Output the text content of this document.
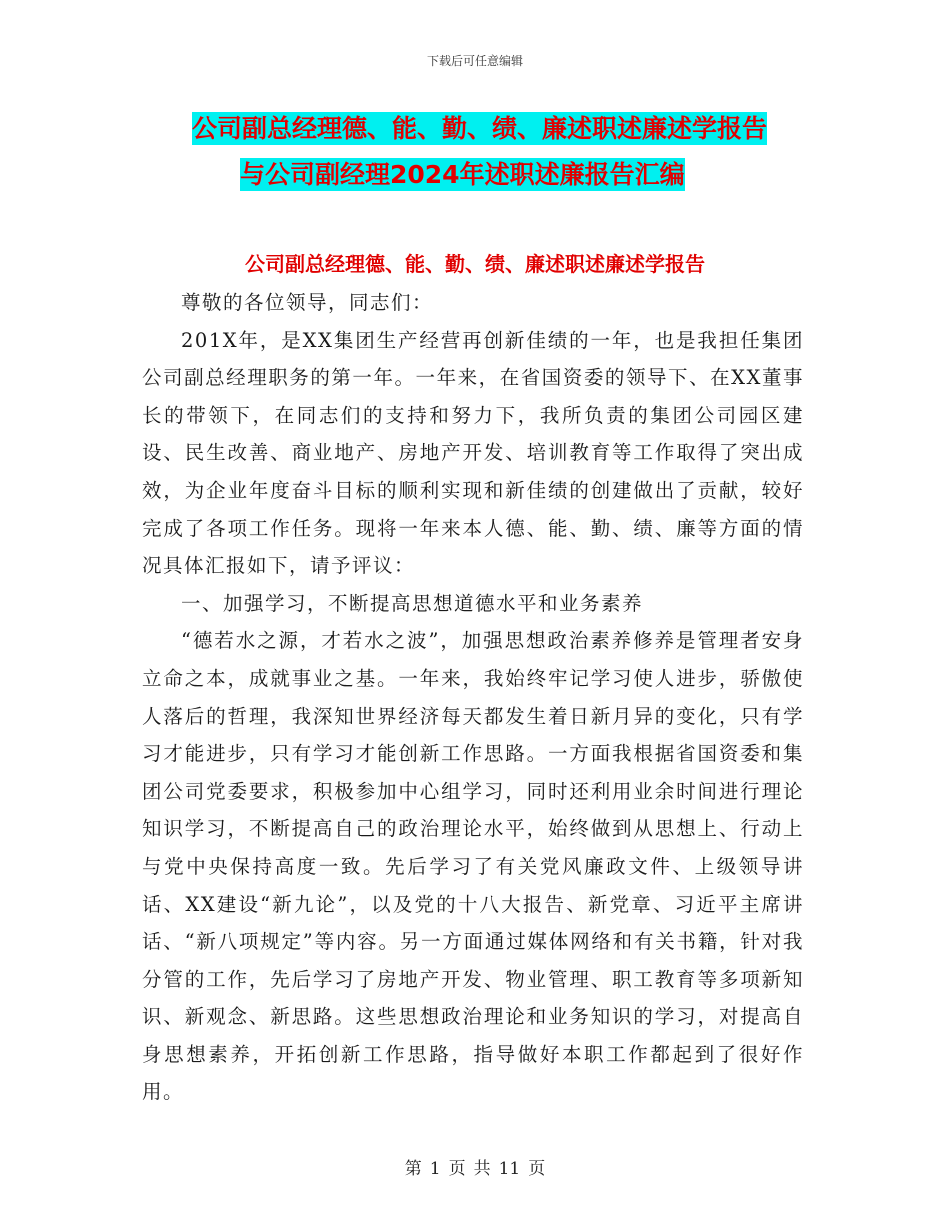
下载后可任意编辑
公司副总经理德、能、勤、绩、廉述职述廉述学报告
与公司副经理2024年述职述廉报告汇编
公司副总经理德、能、勤、绩、廉述职述廉述学报告

尊敬的各位领导，同志们：

201X年，是XX集团生产经营再创新佳绩的一年，也是我担任集团公司副总经理职务的第一年。一年来，在省国资委的领导下、在XX董事长的带领下，在同志们的支持和努力下，我所负责的集团公司园区建设、民生改善、商业地产、房地产开发、培训教育等工作取得了突出成效，为企业年度奋斗目标的顺利实现和新佳绩的创建做出了贡献，较好完成了各项工作任务。现将一年来本人德、能、勤、绩、廉等方面的情况具体汇报如下，请予评议：

一、加强学习，不断提高思想道德水平和业务素养

“德若水之源，才若水之波”，加强思想政治素养修养是管理者安身立命之本，成就事业之基。一年来，我始终牢记学习使人进步，骄傲使人落后的哲理，我深知世界经济每天都发生着日新月异的变化，只有学习才能进步，只有学习才能创新工作思路。一方面我根据省国资委和集团公司党委要求，积极参加中心组学习，同时还利用业余时间进行理论知识学习，不断提高自己的政治理论水平，始终做到从思想上、行动上与党中央保持高度一致。先后学习了有关党风廉政文件、上级领导讲话、XX建设“新九论”，以及党的十八大报告、新党章、习近平主席讲话、“新八项规定”等内容。另一方面通过媒体网络和有关书籍，针对我分管的工作，先后学习了房地产开发、物业管理、职工教育等多项新知识、新观念、新思路。这些思想政治理论和业务知识的学习，对提高自身思想素养，开拓创新工作思路，指导做好本职工作都起到了很好作用。

第 1 页 共 11 页
